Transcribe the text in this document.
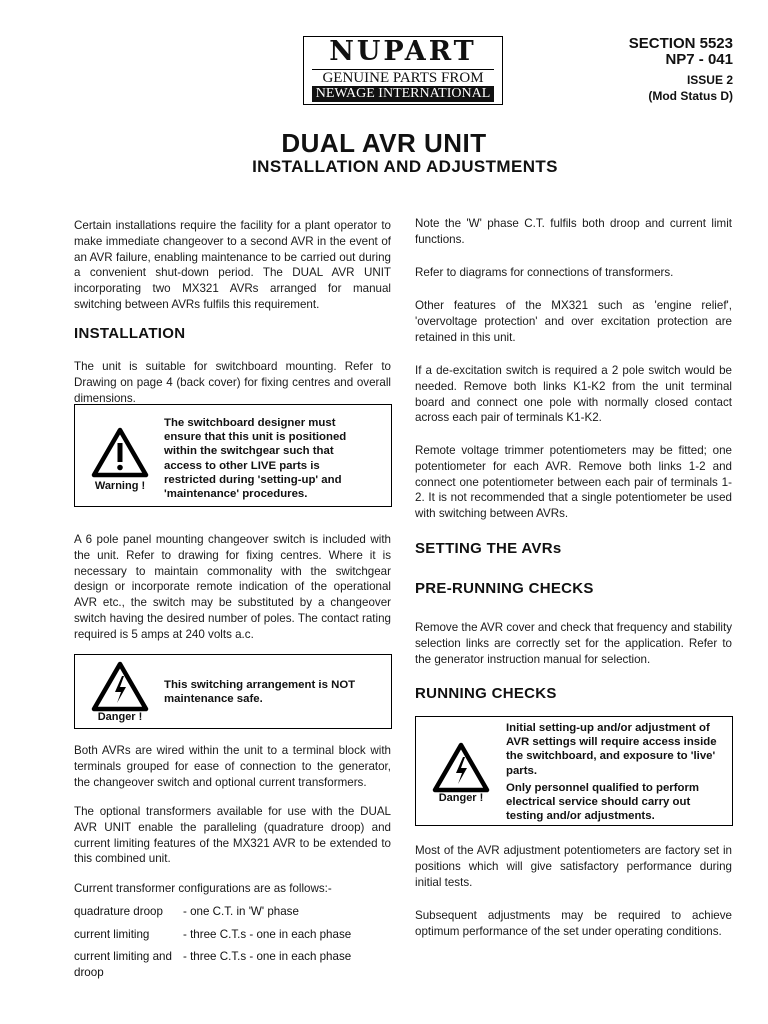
NUPART
GENUINE PARTS FROM
NEWAGE INTERNATIONAL
SECTION 5523
NP7 - 041
ISSUE 2
(Mod Status D)
DUAL AVR UNIT
INSTALLATION AND ADJUSTMENTS
Certain installations require the facility for a plant operator to make immediate changeover to a second AVR in the event of an AVR failure, enabling maintenance to be carried out during a convenient shut-down period. The DUAL AVR UNIT incorporating two MX321 AVRs arranged for manual switching between AVRs fulfils this requirement.
INSTALLATION
The unit is suitable for switchboard mounting. Refer to Drawing on page 4 (back cover) for fixing centres and overall dimensions.
Warning !
The switchboard designer must ensure that this unit is positioned within the switchgear such that access to other LIVE parts is restricted during 'setting-up' and 'maintenance' procedures.
A 6 pole panel mounting changeover switch is included with the unit. Refer to drawing for fixing centres. Where it is necessary to maintain commonality with the switchgear design or incorporate remote indication of the operational AVR etc., the switch may be substituted by a changeover switch having the desired number of poles. The contact rating required is 5 amps at 240 volts a.c.
Danger !
This switching arrangement is NOT maintenance safe.
Both AVRs are wired within the unit to a terminal block with terminals grouped for ease of connection to the generator, the changeover switch and optional current transformers.
The optional transformers available for use with the DUAL AVR UNIT enable the paralleling (quadrature droop) and current limiting features of the MX321 AVR to be extended to this combined unit.
Current transformer configurations are as follows:-
quadrature droop	- one C.T. in 'W' phase
current limiting	- three C.T.s - one in each phase
current limiting and droop
- three C.T.s - one in each phase
Note the 'W' phase C.T. fulfils both droop and current limit functions.
Refer to diagrams for connections of transformers.
Other features of the MX321 such as 'engine relief', 'overvoltage protection' and over excitation protection are retained in this unit.
If a de-excitation switch is required a 2 pole switch would be needed. Remove both links K1-K2 from the unit terminal board and connect one pole with normally closed contact across each pair of terminals K1-K2.
Remote voltage trimmer potentiometers may be fitted; one potentiometer for each AVR. Remove both links 1-2 and connect one potentiometer between each pair of terminals 1-2. It is not recommended that a single potentiometer be used with switching between AVRs.
SETTING THE AVRs
PRE-RUNNING CHECKS
Remove the AVR cover and check that frequency and stability selection links are correctly set for the application. Refer to the generator instruction manual for selection.
RUNNING CHECKS
Danger !
Initial setting-up and/or adjustment of AVR settings will require access inside the switchboard, and exposure to 'live' parts.
Only personnel qualified to perform electrical service should carry out testing and/or adjustments.
Most of the AVR adjustment potentiometers are factory set in positions which will give satisfactory performance during initial tests.
Subsequent adjustments may be required to achieve optimum performance of the set under operating conditions.
